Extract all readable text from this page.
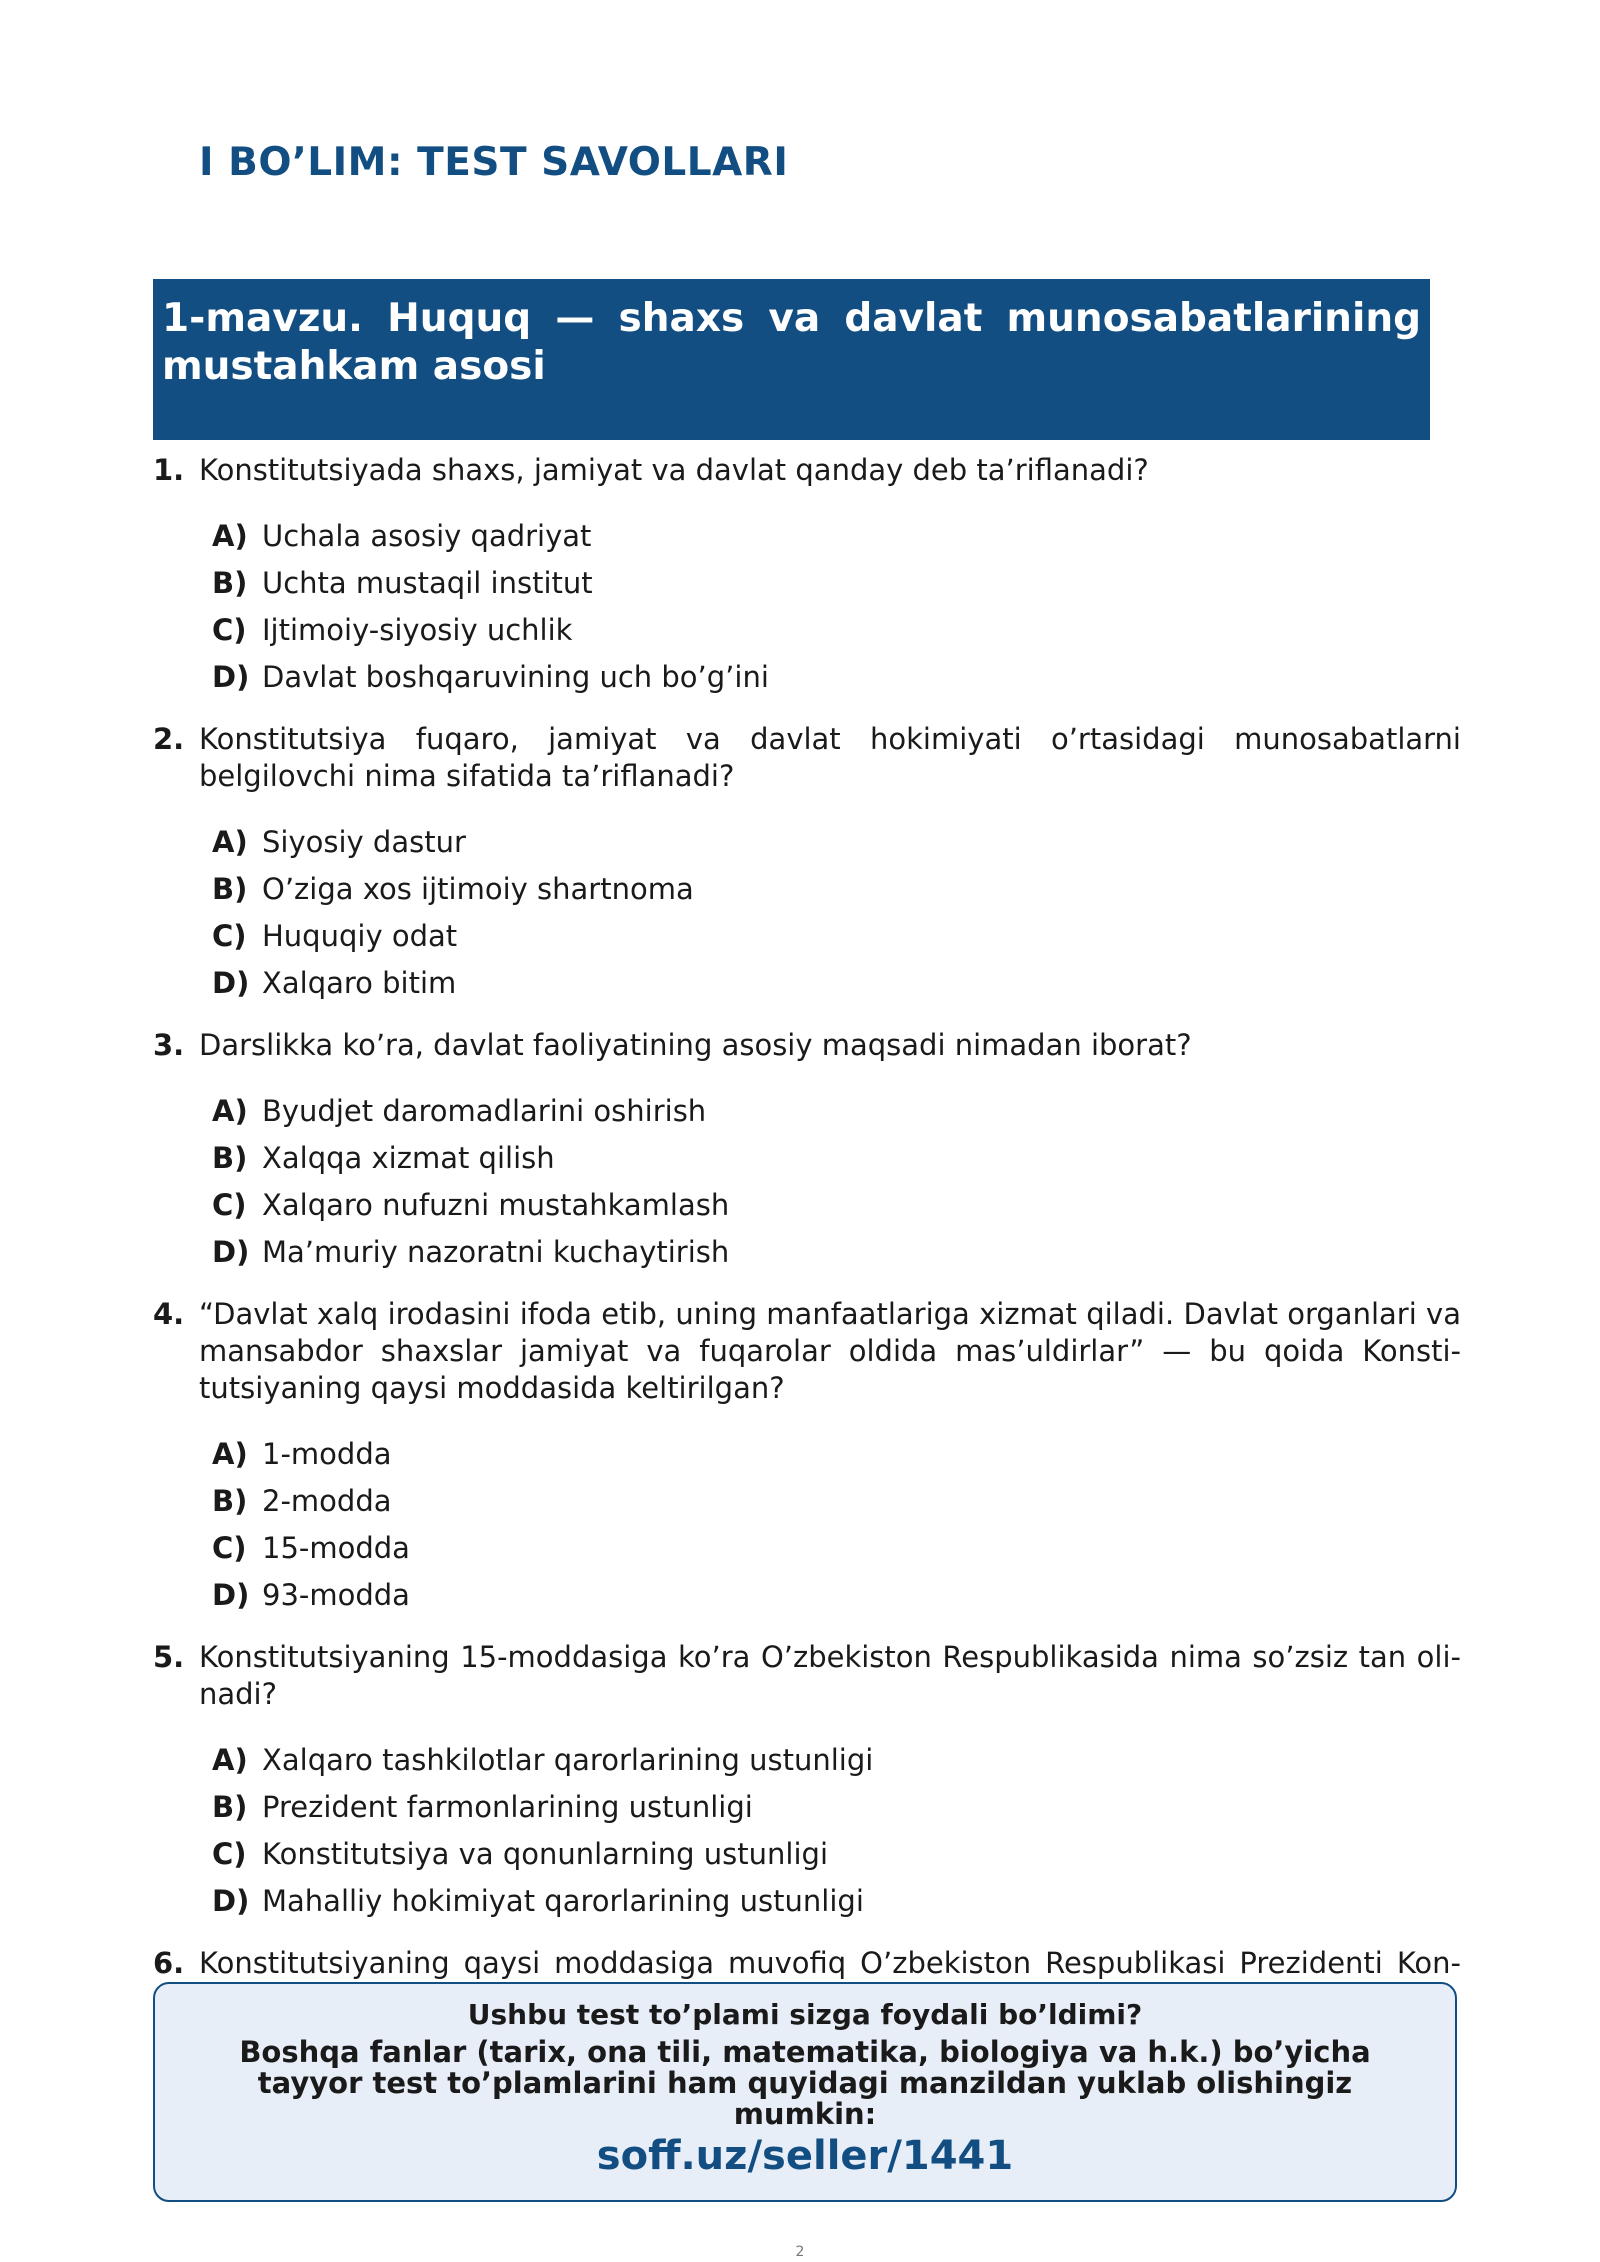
I BO’LIM: TEST SAVOLLARI

1-mavzu. Huquq — shaxs va davlat munosabatlarining mustahkam asosi

1. Konstitutsiyada shaxs, jamiyat va davlat qanday deb ta’riflanadi?
A) Uchala asosiy qadriyat
B) Uchta mustaqil institut
C) Ijtimoiy-siyosiy uchlik
D) Davlat boshqaruvining uch bo’g’ini
2. Konstitutsiya fuqaro, jamiyat va davlat hokimiyati o’rtasidagi munosabatlarni belgilovchi nima sifatida ta’riflanadi?
A) Siyosiy dastur
B) O’ziga xos ijtimoiy shartnoma
C) Huquqiy odat
D) Xalqaro bitim
3. Darslikka ko’ra, davlat faoliyatining asosiy maqsadi nimadan iborat?
A) Byudjet daromadlarini oshirish
B) Xalqqa xizmat qilish
C) Xalqaro nufuzni mustahkamlash
D) Ma’muriy nazoratni kuchaytirish
4. “Davlat xalq irodasini ifoda etib, uning manfaatlariga xizmat qiladi. Davlat organlari va mansabdor shaxslar jamiyat va fuqarolar oldida mas’uldirlar” — bu qoida Konstitutsiyaning qaysi moddasida keltirilgan?
A) 1-modda
B) 2-modda
C) 15-modda
D) 93-modda
5. Konstitutsiyaning 15-moddasiga ko’ra O’zbekiston Respublikasida nima so’zsiz tan olinadi?
A) Xalqaro tashkilotlar qarorlarining ustunligi
B) Prezident farmonlarining ustunligi
C) Konstitutsiya va qonunlarning ustunligi
D) Mahalliy hokimiyat qarorlarining ustunligi
6. Konstitutsiyaning qaysi moddasiga muvofiq O’zbekiston Respublikasi Prezidenti Kon

Ushbu test to’plami sizga foydali bo’ldimi?

Boshqa fanlar (tarix, ona tili, matematika, biologiya va h.k.) bo’yicha tayyor test to’plamlarini ham quyidagi manzildan yuklab olishingiz mumkin:

soff.uz/seller/1441

2
